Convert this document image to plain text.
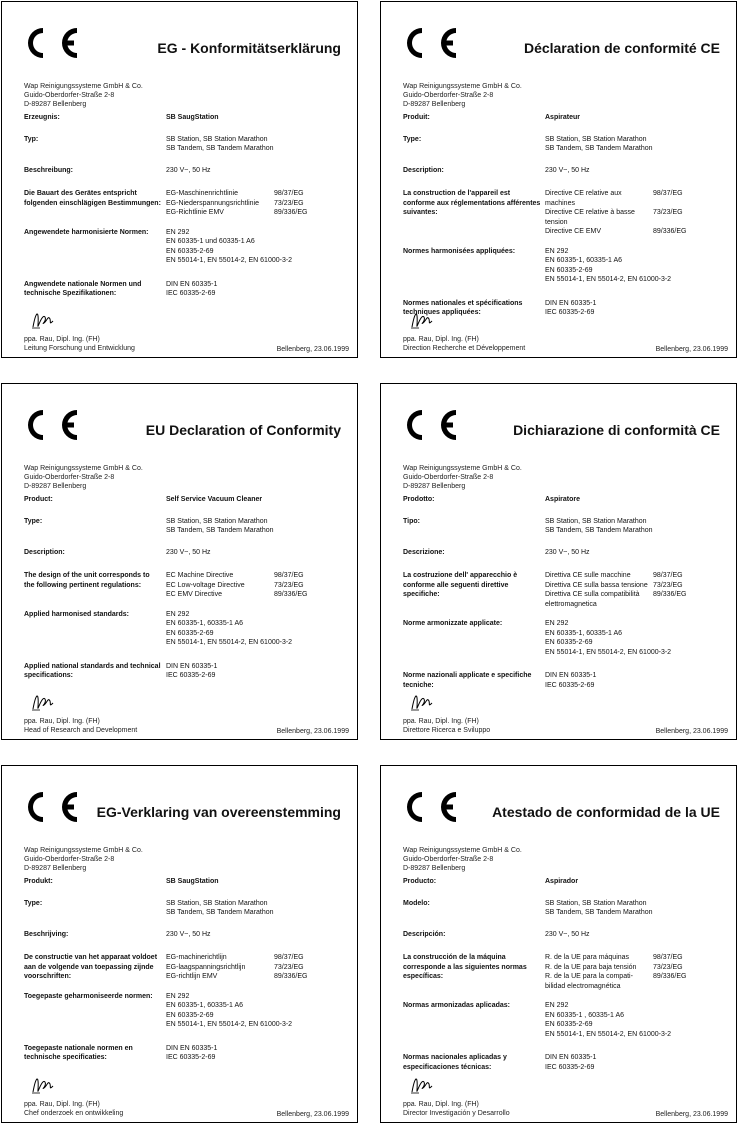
EG - Konformitätserklärung
Wap Reinigungssysteme GmbH & Co.
Guido-Oberdorfer-Straße 2-8
D-89287 Bellenberg
Erzeugnis:	SB SaugStation
Typ:	SB Station, SB Station Marathon
SB Tandem, SB Tandem Marathon
Beschreibung:	230 V~, 50 Hz
Die Bauart des Gerätes entspricht folgenden einschlägigen Bestimmungen:
EG-Maschinenrichtlinie	98/37/EG
EG-Niederspannungsrichtlinie	73/23/EG
EG-Richtlinie EMV	89/336/EG
Angewendete harmonisierte Normen:	EN 292
EN 60335-1 und 60335-1 A6
EN 60335-2-69
EN 55014-1, EN 55014-2, EN 61000-3-2
Angwendete nationale Normen und technische Spezifikationen:
DIN EN 60335-1
IEC 60335-2-69
ppa. Rau, Dipl. Ing. (FH)
Leitung Forschung und Entwicklung	Bellenberg, 23.06.1999
Déclaration de conformité CE
Wap Reinigungssysteme GmbH & Co.
Guido-Oberdorfer-Straße 2-8
D-89287 Bellenberg
Produit:	Aspirateur
Type:	SB Station, SB Station Marathon
SB Tandem, SB Tandem Marathon
Description:	230 V~, 50 Hz
La construction de l'appareil est conforme aux réglementations afférentes suivantes:
Directive CE relative aux machines
98/37/EG
Directive CE relative à basse tension
73/23/EG
Directive CE EMV	89/336/EG
Normes harmonisées appliquées:	EN 292
EN 60335-1, 60335-1 A6
EN 60335-2-69
EN 55014-1, EN 55014-2, EN 61000-3-2
Normes nationales et spécifications techniques appliquées:
DIN EN 60335-1
IEC 60335-2-69
ppa. Rau, Dipl. Ing. (FH)
Direction Recherche et Développement	Bellenberg, 23.06.1999
EU Declaration of Conformity
Wap Reinigungssysteme GmbH & Co.
Guido-Oberdorfer-Straße 2-8
D-89287 Bellenberg
Product:	Self Service Vacuum Cleaner
Type:	SB Station, SB Station Marathon
SB Tandem, SB Tandem Marathon
Description:	230 V~, 50 Hz
The design of the unit corresponds to the following pertinent regulations:
EC Machine Directive	98/37/EG
EC Low-voltage Directive	73/23/EG
EC EMV Directive	89/336/EG
Applied harmonised standards:	EN 292
EN 60335-1, 60335-1 A6
EN 60335-2-69
EN 55014-1, EN 55014-2, EN 61000-3-2
Applied national standards and technical specifications:
DIN EN 60335-1
IEC 60335-2-69
ppa. Rau, Dipl. Ing. (FH)
Head of Research and Development	Bellenberg, 23.06.1999
Dichiarazione di conformità CE
Wap Reinigungssysteme GmbH & Co.
Guido-Oberdorfer-Straße 2-8
D-89287 Bellenberg
Prodotto:	Aspiratore
Tipo:	SB Station, SB Station Marathon
SB Tandem, SB Tandem Marathon
Descrizione:	230 V~, 50 Hz
La costruzione dell' apparecchio è conforme alle seguenti direttive specifiche:
Direttiva CE sulle macchine	98/37/EG
Direttiva CE sulla bassa tensione 73/23/EG
Direttiva CE sulla compatibilità elettromagnetica
89/336/EG
Norme armonizzate applicate:	EN 292
EN 60335-1, 60335-1 A6
EN 60335-2-69
EN 55014-1, EN 55014-2, EN 61000-3-2
Norme nazionali applicate e specifiche tecniche:
DIN EN 60335-1
IEC 60335-2-69
ppa. Rau, Dipl. Ing. (FH)
Direttore Ricerca e Sviluppo	Bellenberg, 23.06.1999
EG-Verklaring van overeenstemming
Wap Reinigungssysteme GmbH & Co.
Guido-Oberdorfer-Straße 2-8
D-89287 Bellenberg
Produkt:	SB SaugStation
Type:	SB Station, SB Station Marathon
SB Tandem, SB Tandem Marathon
Beschrijving:	230 V~, 50 Hz
De constructie van het apparaat voldoet aan de volgende van toepassing zijnde voorschriften:
EG-machinerichtlijn	98/37/EG
EG-laagspanningsrichtlijn	73/23/EG
EG-richtlijn EMV	89/336/EG
Toegepaste geharmoniseerde normen:	EN 292
EN 60335-1, 60335-1 A6
EN 60335-2-69
EN 55014-1, EN 55014-2, EN 61000-3-2
Toegepaste nationale normen en technische specificaties:
DIN EN 60335-1
IEC 60335-2-69
ppa. Rau, Dipl. Ing. (FH)
Chef onderzoek en ontwikkeling	Bellenberg, 23.06.1999
Atestado de conformidad de la UE
Wap Reinigungssysteme GmbH & Co.
Guido-Oberdorfer-Straße 2-8
D-89287 Bellenberg
Producto:	Aspirador
Modelo:	SB Station, SB Station Marathon
SB Tandem, SB Tandem Marathon
Descripción:	230 V~, 50 Hz
La construcción de la máquina corresponde a las siguientes normas específicas:
R. de la UE para máquinas	98/37/EG
R. de la UE para baja tensión	73/23/EG
R. de la UE para la compati-bilidad electromagnética
89/336/EG
Normas armonizadas aplicadas:	EN 292
EN 60335-1 , 60335-1 A6
EN 60335-2-69
EN 55014-1, EN 55014-2, EN 61000-3-2
Normas nacionales aplicadas y especificaciones técnicas:
DIN EN 60335-1
IEC 60335-2-69
ppa. Rau, Dipl. Ing. (FH)
Director Investigación y Desarrollo	Bellenberg, 23.06.1999
